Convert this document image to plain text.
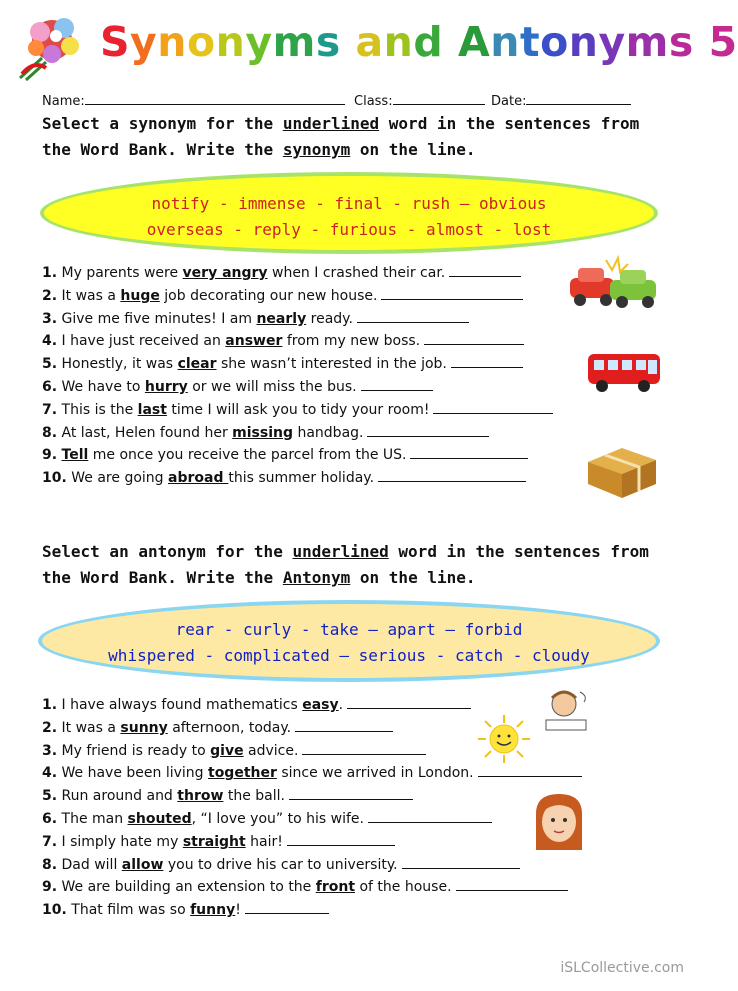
Synonyms and Antonyms 5
Name:	Class:	Date:
Select a synonym for the underlined word in the sentences from the Word Bank. Write the synonym on the line.
notify - immense - final - rush – obvious
overseas - reply - furious - almost - lost
1. My parents were very angry when I crashed their car.
2. It was a huge job decorating our new house.
3. Give me five minutes! I am nearly ready.
4. I have just received an answer from my new boss.
5. Honestly, it was clear she wasn’t interested in the job.
6. We have to hurry or we will miss the bus.
7. This is the last time I will ask you to tidy your room!
8. At last, Helen found her missing handbag.
9. Tell me once you receive the parcel from the US.
10. We are going abroad this summer holiday.
Select an antonym for the underlined word in the sentences from the Word Bank. Write the Antonym on the line.
rear - curly - take – apart – forbid
whispered - complicated – serious - catch - cloudy
1. I have always found mathematics easy.
2. It was a sunny afternoon, today.
3. My friend is ready to give advice.
4. We have been living together since we arrived in London.
5. Run around and throw the ball.
6. The man shouted, “I love you” to his wife.
7. I simply hate my straight hair!
8. Dad will allow you to drive his car to university.
9. We are building an extension to the front of the house.
10. That film was so funny!
iSLCollective.com
